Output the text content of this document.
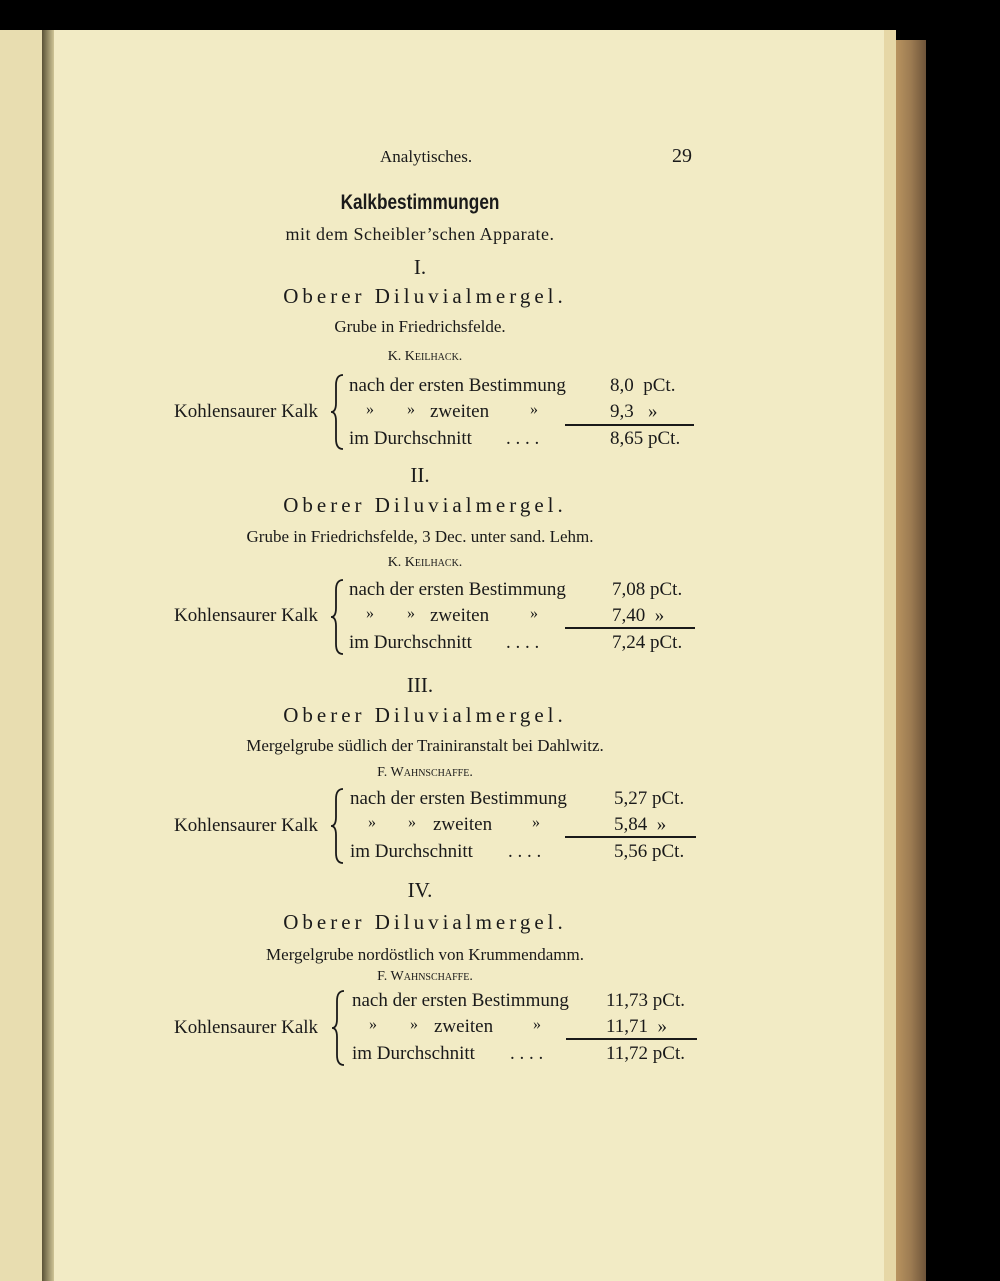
Analytisches.	29
Kalkbestimmungen
mit dem Scheibler’schen Apparate.
I.
Oberer Diluvialmergel.
Grube in Friedrichsfelde.
K. Keilhack.
Kohlensaurer Kalk
nach der ersten Bestimmung 8,0  pCt.
» » zweiten	»	9,3   »
im Durchschnitt . . . .	8,65 pCt.
II.
Oberer Diluvialmergel.
Grube in Friedrichsfelde, 3 Dec. unter sand. Lehm.
K. Keilhack.
Kohlensaurer Kalk
nach der ersten Bestimmung 7,08 pCt.
» » zweiten	»	7,40  »
im Durchschnitt . . . .	7,24 pCt.
III.
Oberer Diluvialmergel.
Mergelgrube südlich der Trainiranstalt bei Dahlwitz.
F. Wahnschaffe.
Kohlensaurer Kalk
nach der ersten Bestimmung 5,27 pCt.
» » zweiten »	5,84  »
im Durchschnitt . . . .	5,56 pCt.
IV.
Oberer Diluvialmergel.
Mergelgrube nordöstlich von Krummendamm.
F. Wahnschaffe.
Kohlensaurer Kalk
nach der ersten Bestimmung 11,73 pCt.
» » zweiten »	11,71  »
im Durchschnitt . . . .	11,72 pCt.
